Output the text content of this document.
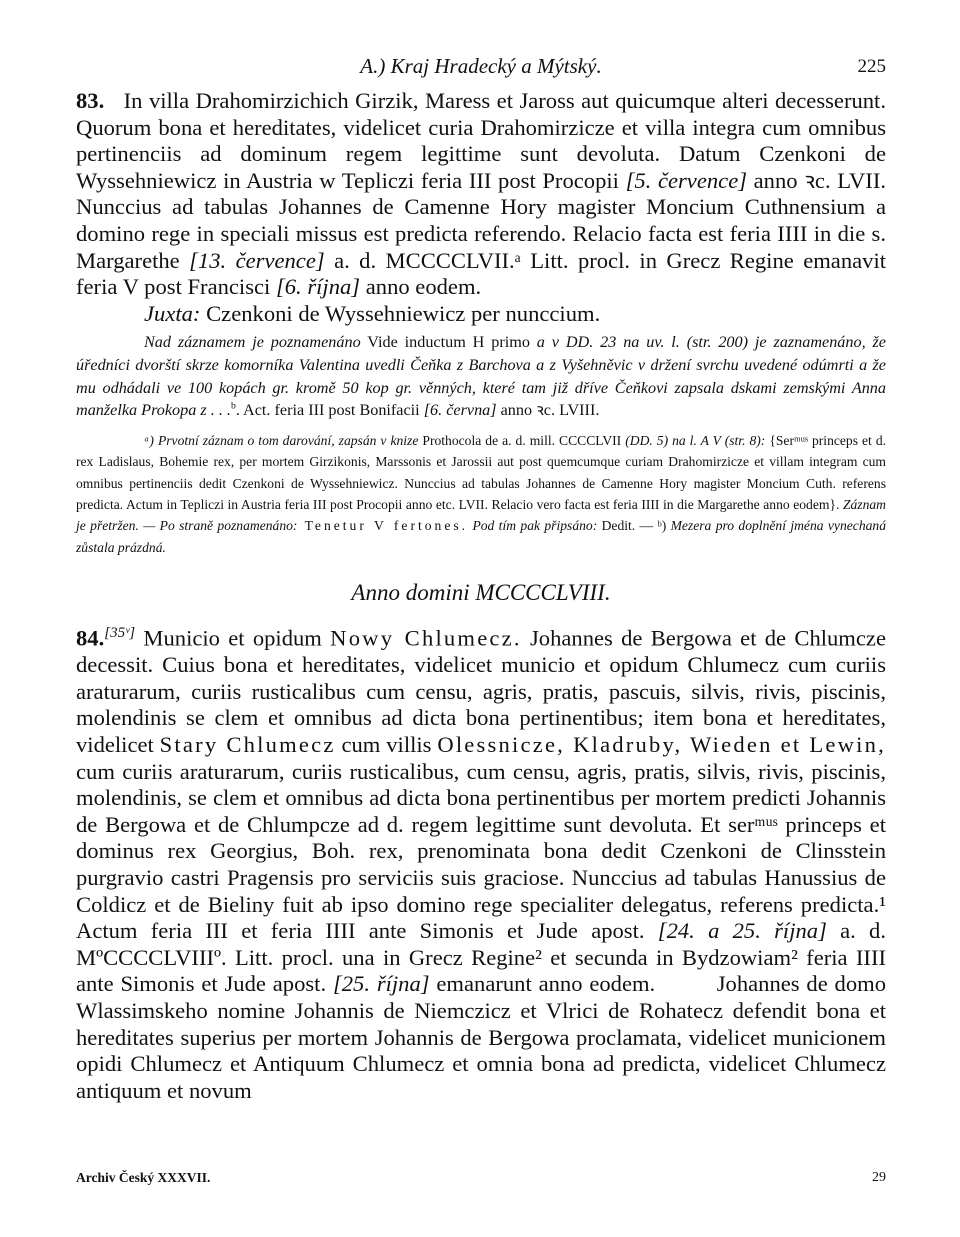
A.) Kraj Hradecký a Mýtský.	225

83. In villa Drahomirzichich Girzik, Maress et Jaross aut quicumque alteri decesserunt. Quorum bona et hereditates, videlicet curia Drahomirzicze et villa integra cum omnibus pertinenciis ad dominum regem legittime sunt devoluta. Datum Czenkoni de Wyssehniewicz in Austria w Tepliczi feria III post Procopii [5. července] anno ꝛc. LVII. Nunccius ad tabulas Johannes de Camenne Hory magister Moncium Cuthnensium a domino rege in speciali missus est predicta referendo. Relacio facta est feria IIII in die s. Margarethe [13. července] a. d. MCCCCLVII.ᵃ Litt. procl. in Grecz Regine emanavit feria V post Francisci [6. října] anno eodem.

Juxta: Czenkoni de Wyssehniewicz per nunccium.

Nad záznamem je poznamenáno Vide inductum H primo a v DD. 23 na uv. l. (str. 200) je zaznamenáno, že úředníci dvorští skrze komorníka Valentina uvedli Čeňka z Barchova a z Vyšehněvic v držení svrchu uvedené odúmrti a že mu odhádali ve 100 kopách gr. kromě 50 kop gr. věnných, které tam již dříve Čeňkovi zapsala dskami zemskými Anna manželka Prokopa z . . .$^b$. Act. feria III post Bonifacii [6. června] anno ꝛc. LVIII.

ᵃ) Prvotní záznam o tom darování, zapsán v knize Prothocola de a. d. mill. CCCCLVII (DD. 5) na l. A V (str. 8): {Serᵐᵘˢ princeps et d. rex Ladislaus, Bohemie rex, per mortem Girzikonis, Marssonis et Jarossii aut post quemcumque curiam Drahomirzicze et villam integram cum omnibus pertinenciis dedit Czenkoni de Wyssehniewicz. Nunccius ad tabulas Johannes de Camenne Hory magister Moncium Cuth. referens predicta. Actum in Tepliczi in Austria feria III post Procopii anno etc. LVII. Relacio vero facta est feria IIII in die Margarethe anno eodem}. Záznam je přetržen. — Po straně poznamenáno: Tenetur V fertones. Pod tím pak připsáno: Dedit. — ᵇ) Mezera pro doplnění jména vynechaná zůstala prázdná.

Anno domini MCCCCLVIII.

84.[35ᵛ] Municio et opidum Nowy Chlumecz. Johannes de Bergowa et de Chlumcze decessit. Cuius bona et hereditates, videlicet municio et opidum Chlumecz cum curiis araturarum, curiis rusticalibus cum censu, agris, pratis, pascuis, silvis, rivis, piscinis, molendinis se clem et omnibus ad dicta bona pertinentibus; item bona et hereditates, videlicet Stary Chlumecz cum villis Olessnicze, Kladruby, Wieden et Lewin, cum curiis araturarum, curiis rusticalibus, cum censu, agris, pratis, silvis, rivis, piscinis, molendinis, se clem et omnibus ad dicta bona pertinentibus per mortem predicti Johannis de Bergowa et de Chlumpcze ad d. regem legittime sunt devoluta. Et serᵐᵘˢ princeps et dominus rex Georgius, Boh. rex, prenominata bona dedit Czenkoni de Clinsstein purgravio castri Pragensis pro serviciis suis graciose. Nunccius ad tabulas Hanussius de Coldicz et de Bieliny fuit ab ipso domino rege specialiter delegatus, referens predicta.¹ Actum feria III et feria IIII ante Simonis et Jude apost. [24. a 25. října] a. d. MºCCCCLVIIIº. Litt. procl. una in Grecz Regine² et secunda in Bydzowiam² feria IIII ante Simonis et Jude apost. [25. října] emanarunt anno eodem.	Johannes de domo Wlassimskeho nomine Johannis de Niemczicz et Vlrici de Rohatecz defendit bona et hereditates superius per mortem Johannis de Bergowa proclamata, videlicet municionem opidi Chlumecz et Antiquum Chlumecz et omnia bona ad predicta, videlicet Chlumecz antiquum et novum

Archiv Český XXXVII.	29
